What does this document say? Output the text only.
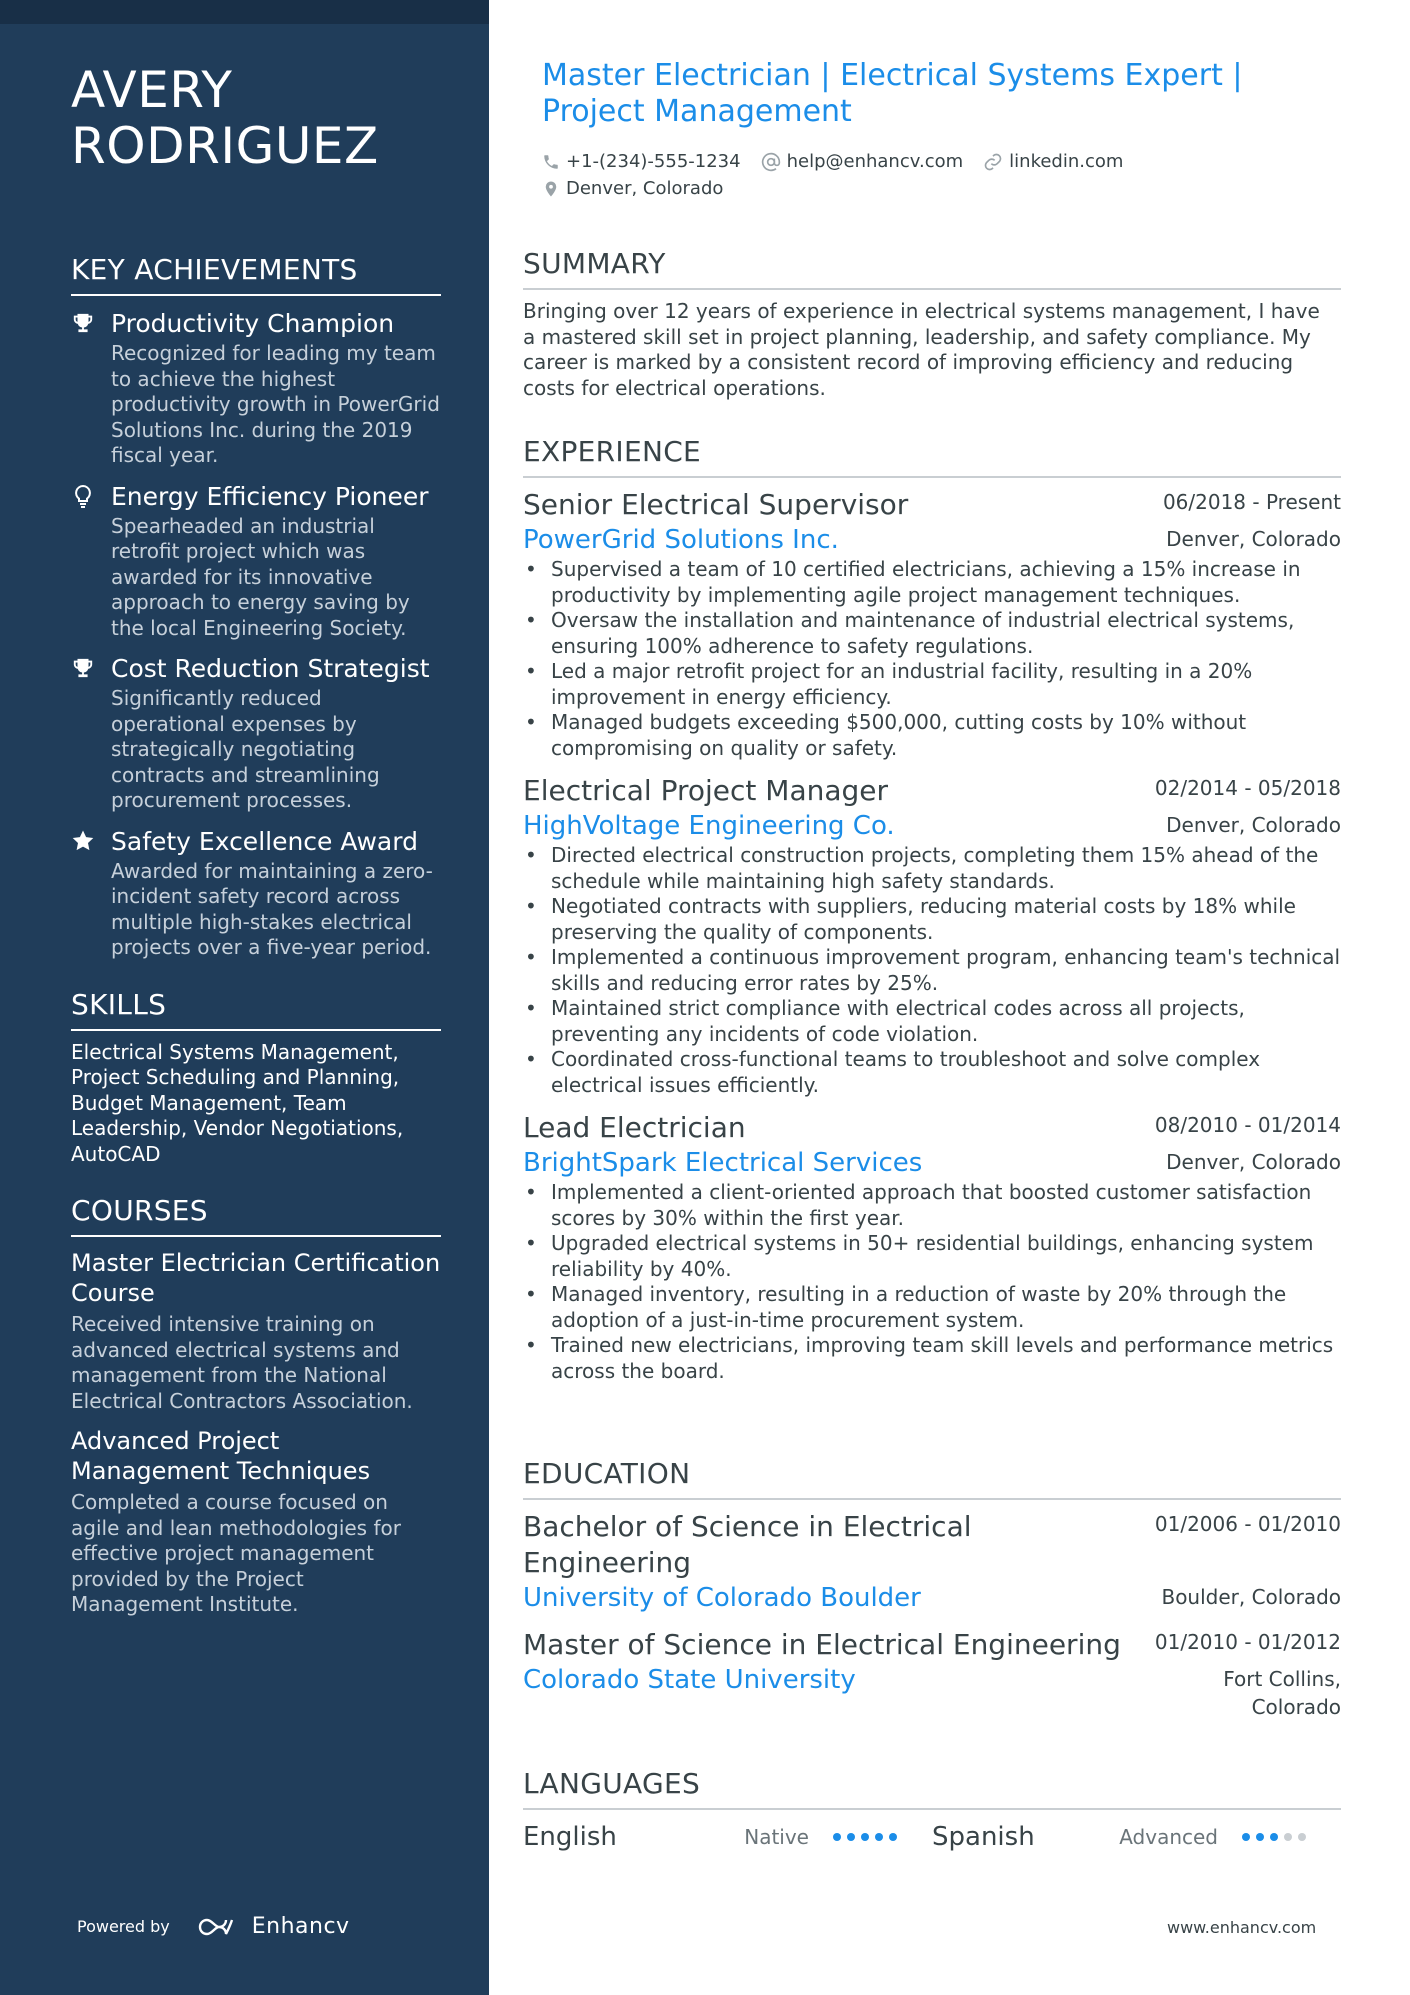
AVERY
RODRIGUEZ
KEY ACHIEVEMENTS
Productivity Champion
Recognized for leading my team to achieve the highest productivity growth in PowerGrid Solutions Inc. during the 2019 fiscal year.
Energy Efficiency Pioneer
Spearheaded an industrial retrofit project which was awarded for its innovative approach to energy saving by the local Engineering Society.
Cost Reduction Strategist
Significantly reduced operational expenses by strategically negotiating contracts and streamlining procurement processes.
Safety Excellence Award
Awarded for maintaining a zero-incident safety record across multiple high-stakes electrical projects over a five-year period.
SKILLS
Electrical Systems Management, Project Scheduling and Planning, Budget Management, Team Leadership, Vendor Negotiations, AutoCAD
COURSES
Master Electrician Certification Course
Received intensive training on advanced electrical systems and management from the National Electrical Contractors Association.
Advanced Project Management Techniques
Completed a course focused on agile and lean methodologies for effective project management provided by the Project Management Institute.
Powered by	Enhancv
Master Electrician | Electrical Systems Expert | Project Management
+1-(234)-555-1234	help@enhancv.com	linkedin.com
Denver, Colorado
SUMMARY
Bringing over 12 years of experience in electrical systems management, I have a mastered skill set in project planning, leadership, and safety compliance. My career is marked by a consistent record of improving efficiency and reducing costs for electrical operations.
EXPERIENCE
Senior Electrical Supervisor	06/2018 - Present
PowerGrid Solutions Inc.	Denver, Colorado
• Supervised a team of 10 certified electricians, achieving a 15% increase in productivity by implementing agile project management techniques.
• Oversaw the installation and maintenance of industrial electrical systems, ensuring 100% adherence to safety regulations.
• Led a major retrofit project for an industrial facility, resulting in a 20% improvement in energy efficiency.
• Managed budgets exceeding $500,000, cutting costs by 10% without compromising on quality or safety.
Electrical Project Manager	02/2014 - 05/2018
HighVoltage Engineering Co.	Denver, Colorado
• Directed electrical construction projects, completing them 15% ahead of the schedule while maintaining high safety standards.
• Negotiated contracts with suppliers, reducing material costs by 18% while preserving the quality of components.
• Implemented a continuous improvement program, enhancing team's technical skills and reducing error rates by 25%.
• Maintained strict compliance with electrical codes across all projects, preventing any incidents of code violation.
• Coordinated cross-functional teams to troubleshoot and solve complex electrical issues efficiently.
Lead Electrician	08/2010 - 01/2014
BrightSpark Electrical Services	Denver, Colorado
• Implemented a client-oriented approach that boosted customer satisfaction scores by 30% within the first year.
• Upgraded electrical systems in 50+ residential buildings, enhancing system reliability by 40%.
• Managed inventory, resulting in a reduction of waste by 20% through the adoption of a just-in-time procurement system.
• Trained new electricians, improving team skill levels and performance metrics across the board.
EDUCATION
Bachelor of Science in Electrical Engineering
01/2006 - 01/2010
University of Colorado Boulder	Boulder, Colorado
Master of Science in Electrical Engineering 01/2010 - 01/2012
Colorado State University	Fort Collins, Colorado
LANGUAGES
English	Native	Spanish	Advanced
www.enhancv.com
